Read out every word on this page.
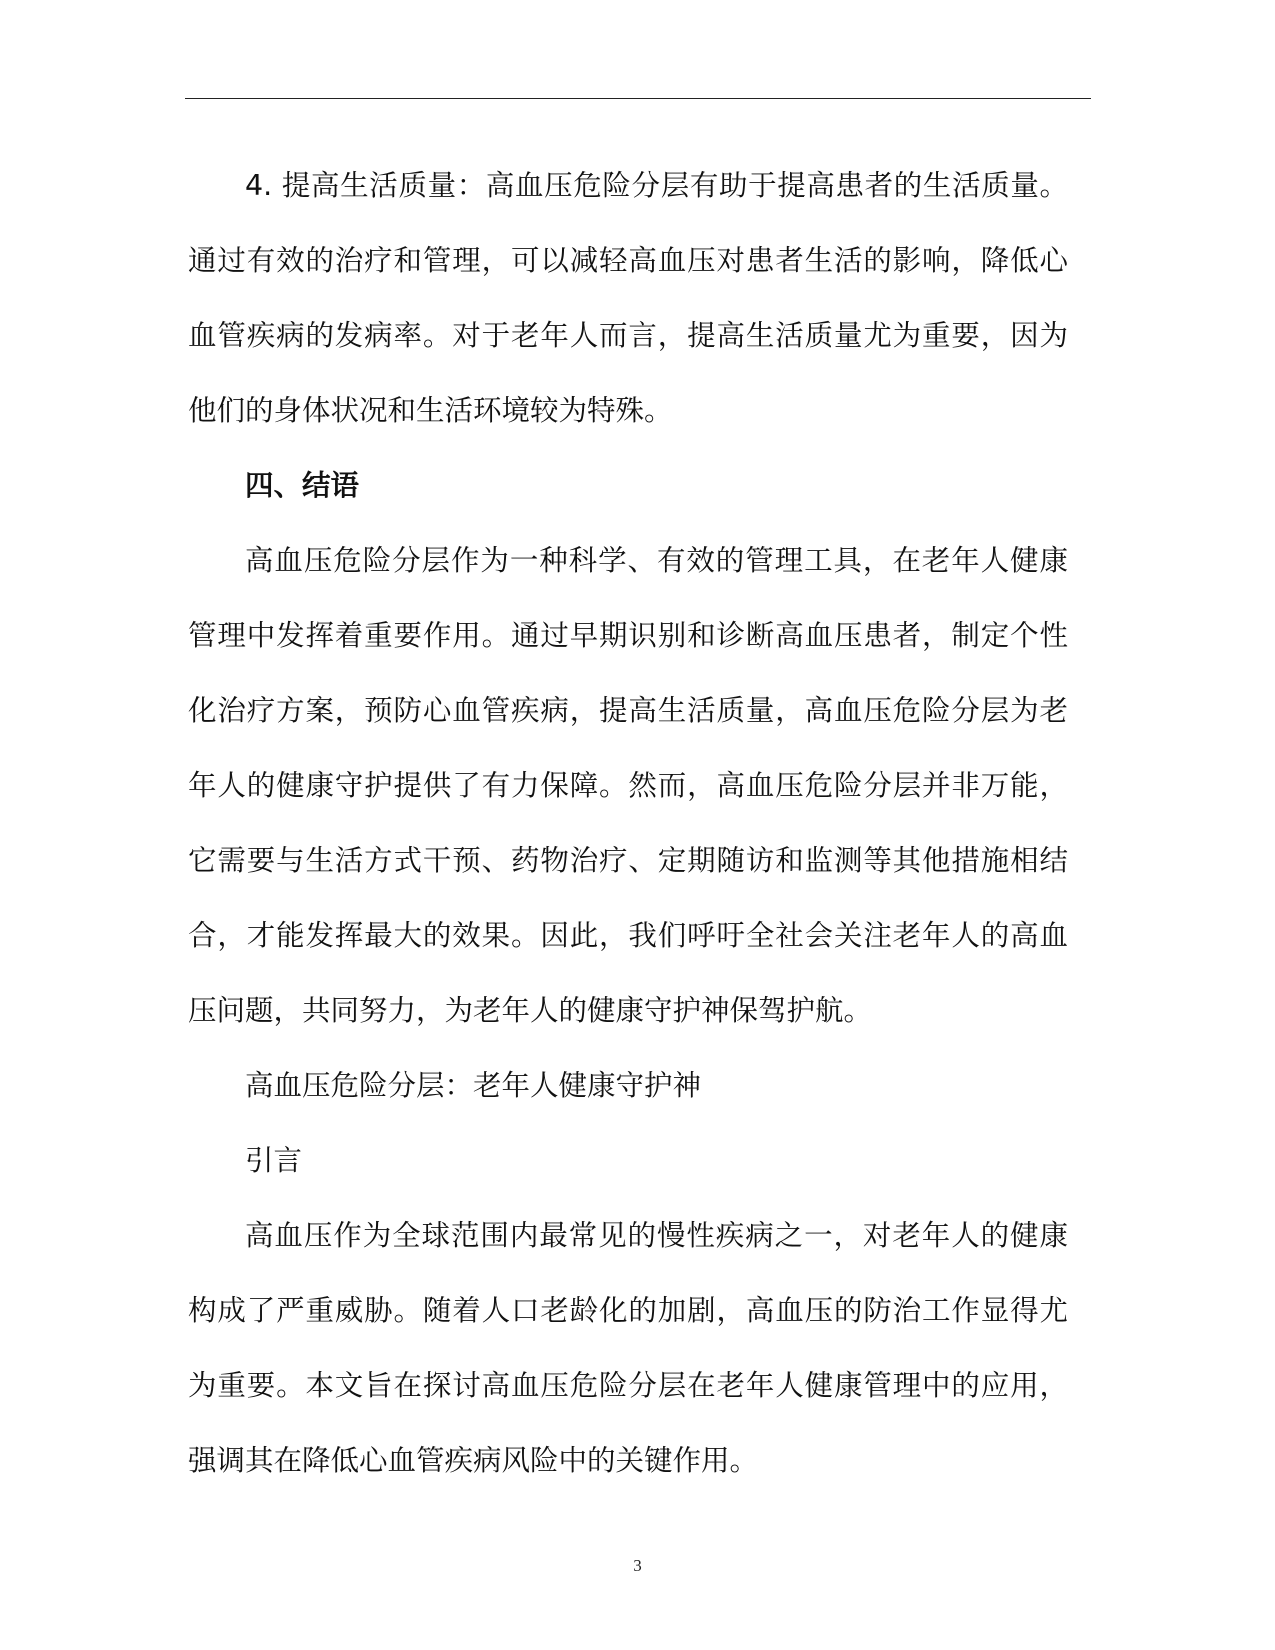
4. 提高生活质量：高血压危险分层有助于提高患者的生活质量。通过有效的治疗和管理，可以减轻高血压对患者生活的影响，降低心血管疾病的发病率。对于老年人而言，提高生活质量尤为重要，因为他们的身体状况和生活环境较为特殊。

四、结语

高血压危险分层作为一种科学、有效的管理工具，在老年人健康管理中发挥着重要作用。通过早期识别和诊断高血压患者，制定个性化治疗方案，预防心血管疾病，提高生活质量，高血压危险分层为老年人的健康守护提供了有力保障。然而，高血压危险分层并非万能，它需要与生活方式干预、药物治疗、定期随访和监测等其他措施相结合，才能发挥最大的效果。因此，我们呼吁全社会关注老年人的高血压问题，共同努力，为老年人的健康守护神保驾护航。

高血压危险分层：老年人健康守护神

引言

高血压作为全球范围内最常见的慢性疾病之一，对老年人的健康构成了严重威胁。随着人口老龄化的加剧，高血压的防治工作显得尤为重要。本文旨在探讨高血压危险分层在老年人健康管理中的应用，强调其在降低心血管疾病风险中的关键作用。

3
